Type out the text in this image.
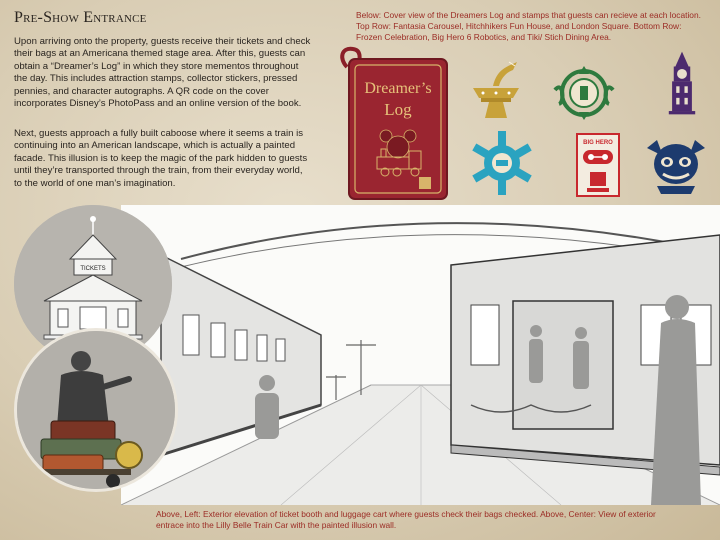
Pre-Show Entrance
Upon arriving onto the property, guests receive their tickets and check their bags at an Americana themed stage area. After this, guests can obtain a “Dreamer’s Log” in which they store mementos throughout the day. This includes attraction stamps, collector stickers, pressed pennies, and character autographs. A QR code on the cover incorporates Disney’s PhotoPass and an online version of the book.
Next, guests approach a fully built caboose where it seems a train is continuing into an American landscape, which is actually a painted facade. This illusion is to keep the magic of the park hidden to guests until they’re transported through the train, from their everyday world, to the world of one man’s imagination.
Below: Cover view of the Dreamers Log and stamps that guests can recieve at each location. Top Row: Fantasia Carousel, Hitchhikers Fun House, and London Square. Bottom Row: Frozen Celebration, Big Hero 6 Robotics, and Tiki/ Stich Dining Area.
Dreamer’s
Log
BIG HERO
TICKETS
Above, Left: Exterior elevation of ticket booth and luggage cart where guests check their bags checked. Above, Center: View of exterior entrace into the Lilly Belle Train Car with the painted illusion wall.
